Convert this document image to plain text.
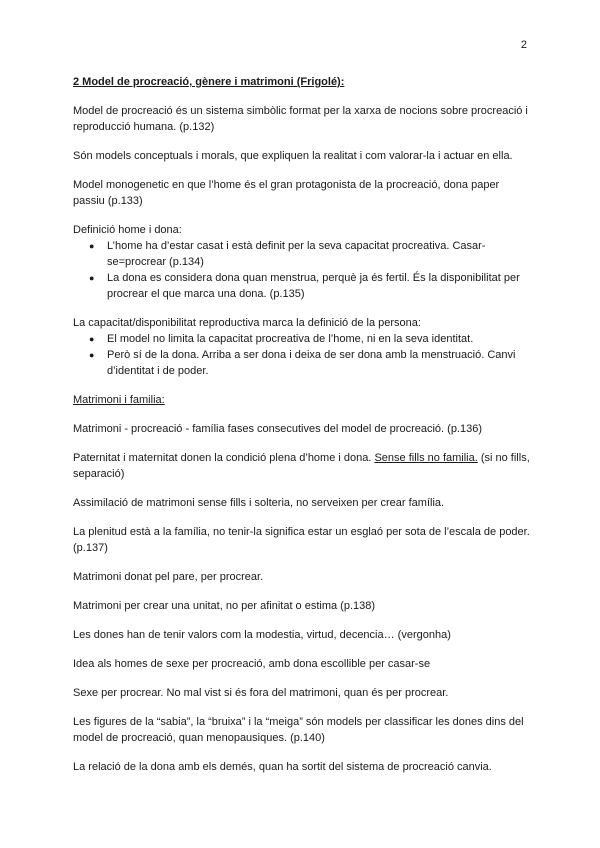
2

2 Model de procreació, gènere i matrimoni (Frigolé):

Model de procreació és un sistema simbòlic format per la xarxa de nocions sobre procreació i reproducció humana. (p.132)

Són models conceptuals i morals, que expliquen la realitat i com valorar-la i actuar en ella.

Model monogenetic en que l’home és el gran protagonista de la procreació, dona paper passiu (p.133)

Definició home i dona:
● L’home ha d’estar casat i està definit per la seva capacitat procreativa. Casar-se=procrear (p.134)
● La dona es considera dona quan menstrua, perquè ja és fertil. És la disponibilitat per procrear el que marca una dona. (p.135)
La capacitat/disponibilitat reproductiva marca la definició de la persona:
● El model no limita la capacitat procreativa de l’home, ni en la seva identitat.
● Però sí de la dona. Arriba a ser dona i deixa de ser dona amb la menstruació. Canvi d’identitat i de poder.

Matrimoni i familia:

Matrimoni - procreació - família fases consecutives del model de procreació. (p.136)

Paternitat i maternitat donen la condició plena d’home i dona. Sense fills no familia. (si no fills, separació)

Assimilació de matrimoni sense fills i solteria, no serveixen per crear família.

La plenitud està a la família, no tenir-la significa estar un esglaó per sota de l’escala de poder. (p.137)

Matrimoni donat pel pare, per procrear.

Matrimoni per crear una unitat, no per afinitat o estima (p.138)

Les dones han de tenir valors com la modestia, virtud, decencia… (vergonha)

Idea als homes de sexe per procreació, amb dona escollible per casar-se

Sexe per procrear. No mal vist si és fora del matrimoni, quan és per procrear.

Les figures de la “sabia”, la “bruixa” i la “meiga” són models per classificar les dones dins del model de procreació, quan menopausiques. (p.140)

La relació de la dona amb els demés, quan ha sortit del sistema de procreació canvia.
